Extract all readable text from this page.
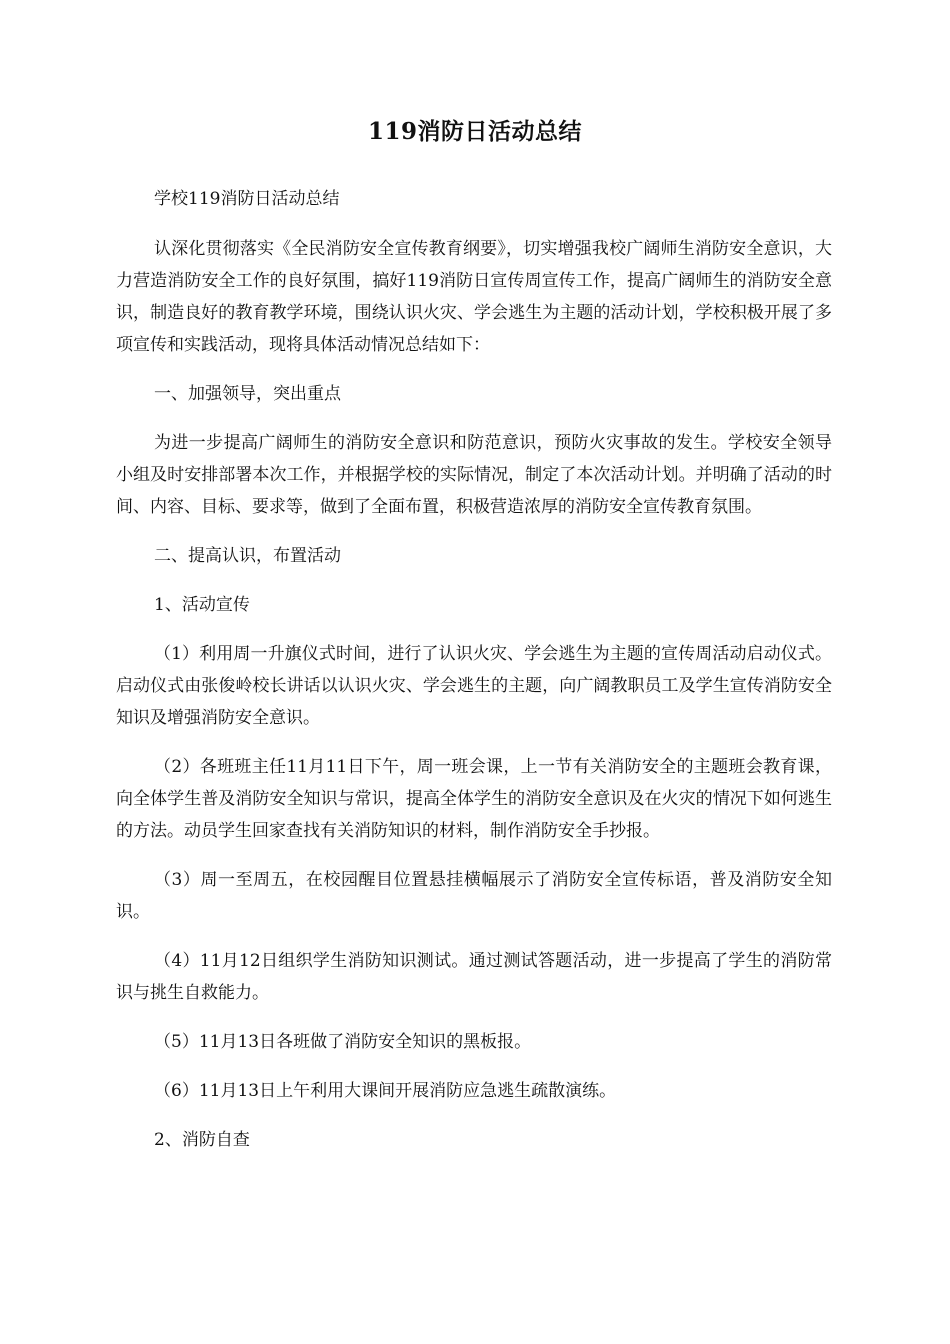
119消防日活动总结

学校119消防日活动总结

认深化贯彻落实《全民消防安全宣传教育纲要》，切实增强我校广阔师生消防安全意识，大力营造消防安全工作的良好氛围，搞好119消防日宣传周宣传工作，提高广阔师生的消防安全意识，制造良好的教育教学环境，围绕认识火灾、学会逃生为主题的活动计划，学校积极开展了多项宣传和实践活动，现将具体活动情况总结如下：

一、加强领导，突出重点

为进一步提高广阔师生的消防安全意识和防范意识，预防火灾事故的发生。学校安全领导小组及时安排部署本次工作，并根据学校的实际情况，制定了本次活动计划。并明确了活动的时间、内容、目标、要求等，做到了全面布置，积极营造浓厚的消防安全宣传教育氛围。

二、提高认识，布置活动

1、活动宣传

（1）利用周一升旗仪式时间，进行了认识火灾、学会逃生为主题的宣传周活动启动仪式。启动仪式由张俊岭校长讲话以认识火灾、学会逃生的主题，向广阔教职员工及学生宣传消防安全知识及增强消防安全意识。

（2）各班班主任11月11日下午，周一班会课，上一节有关消防安全的主题班会教育课，向全体学生普及消防安全知识与常识，提高全体学生的消防安全意识及在火灾的情况下如何逃生的方法。动员学生回家查找有关消防知识的材料，制作消防安全手抄报。

（3）周一至周五，在校园醒目位置悬挂横幅展示了消防安全宣传标语，普及消防安全知识。

（4）11月12日组织学生消防知识测试。通过测试答题活动，进一步提高了学生的消防常识与挑生自救能力。

（5）11月13日各班做了消防安全知识的黑板报。

（6）11月13日上午利用大课间开展消防应急逃生疏散演练。

2、消防自查
